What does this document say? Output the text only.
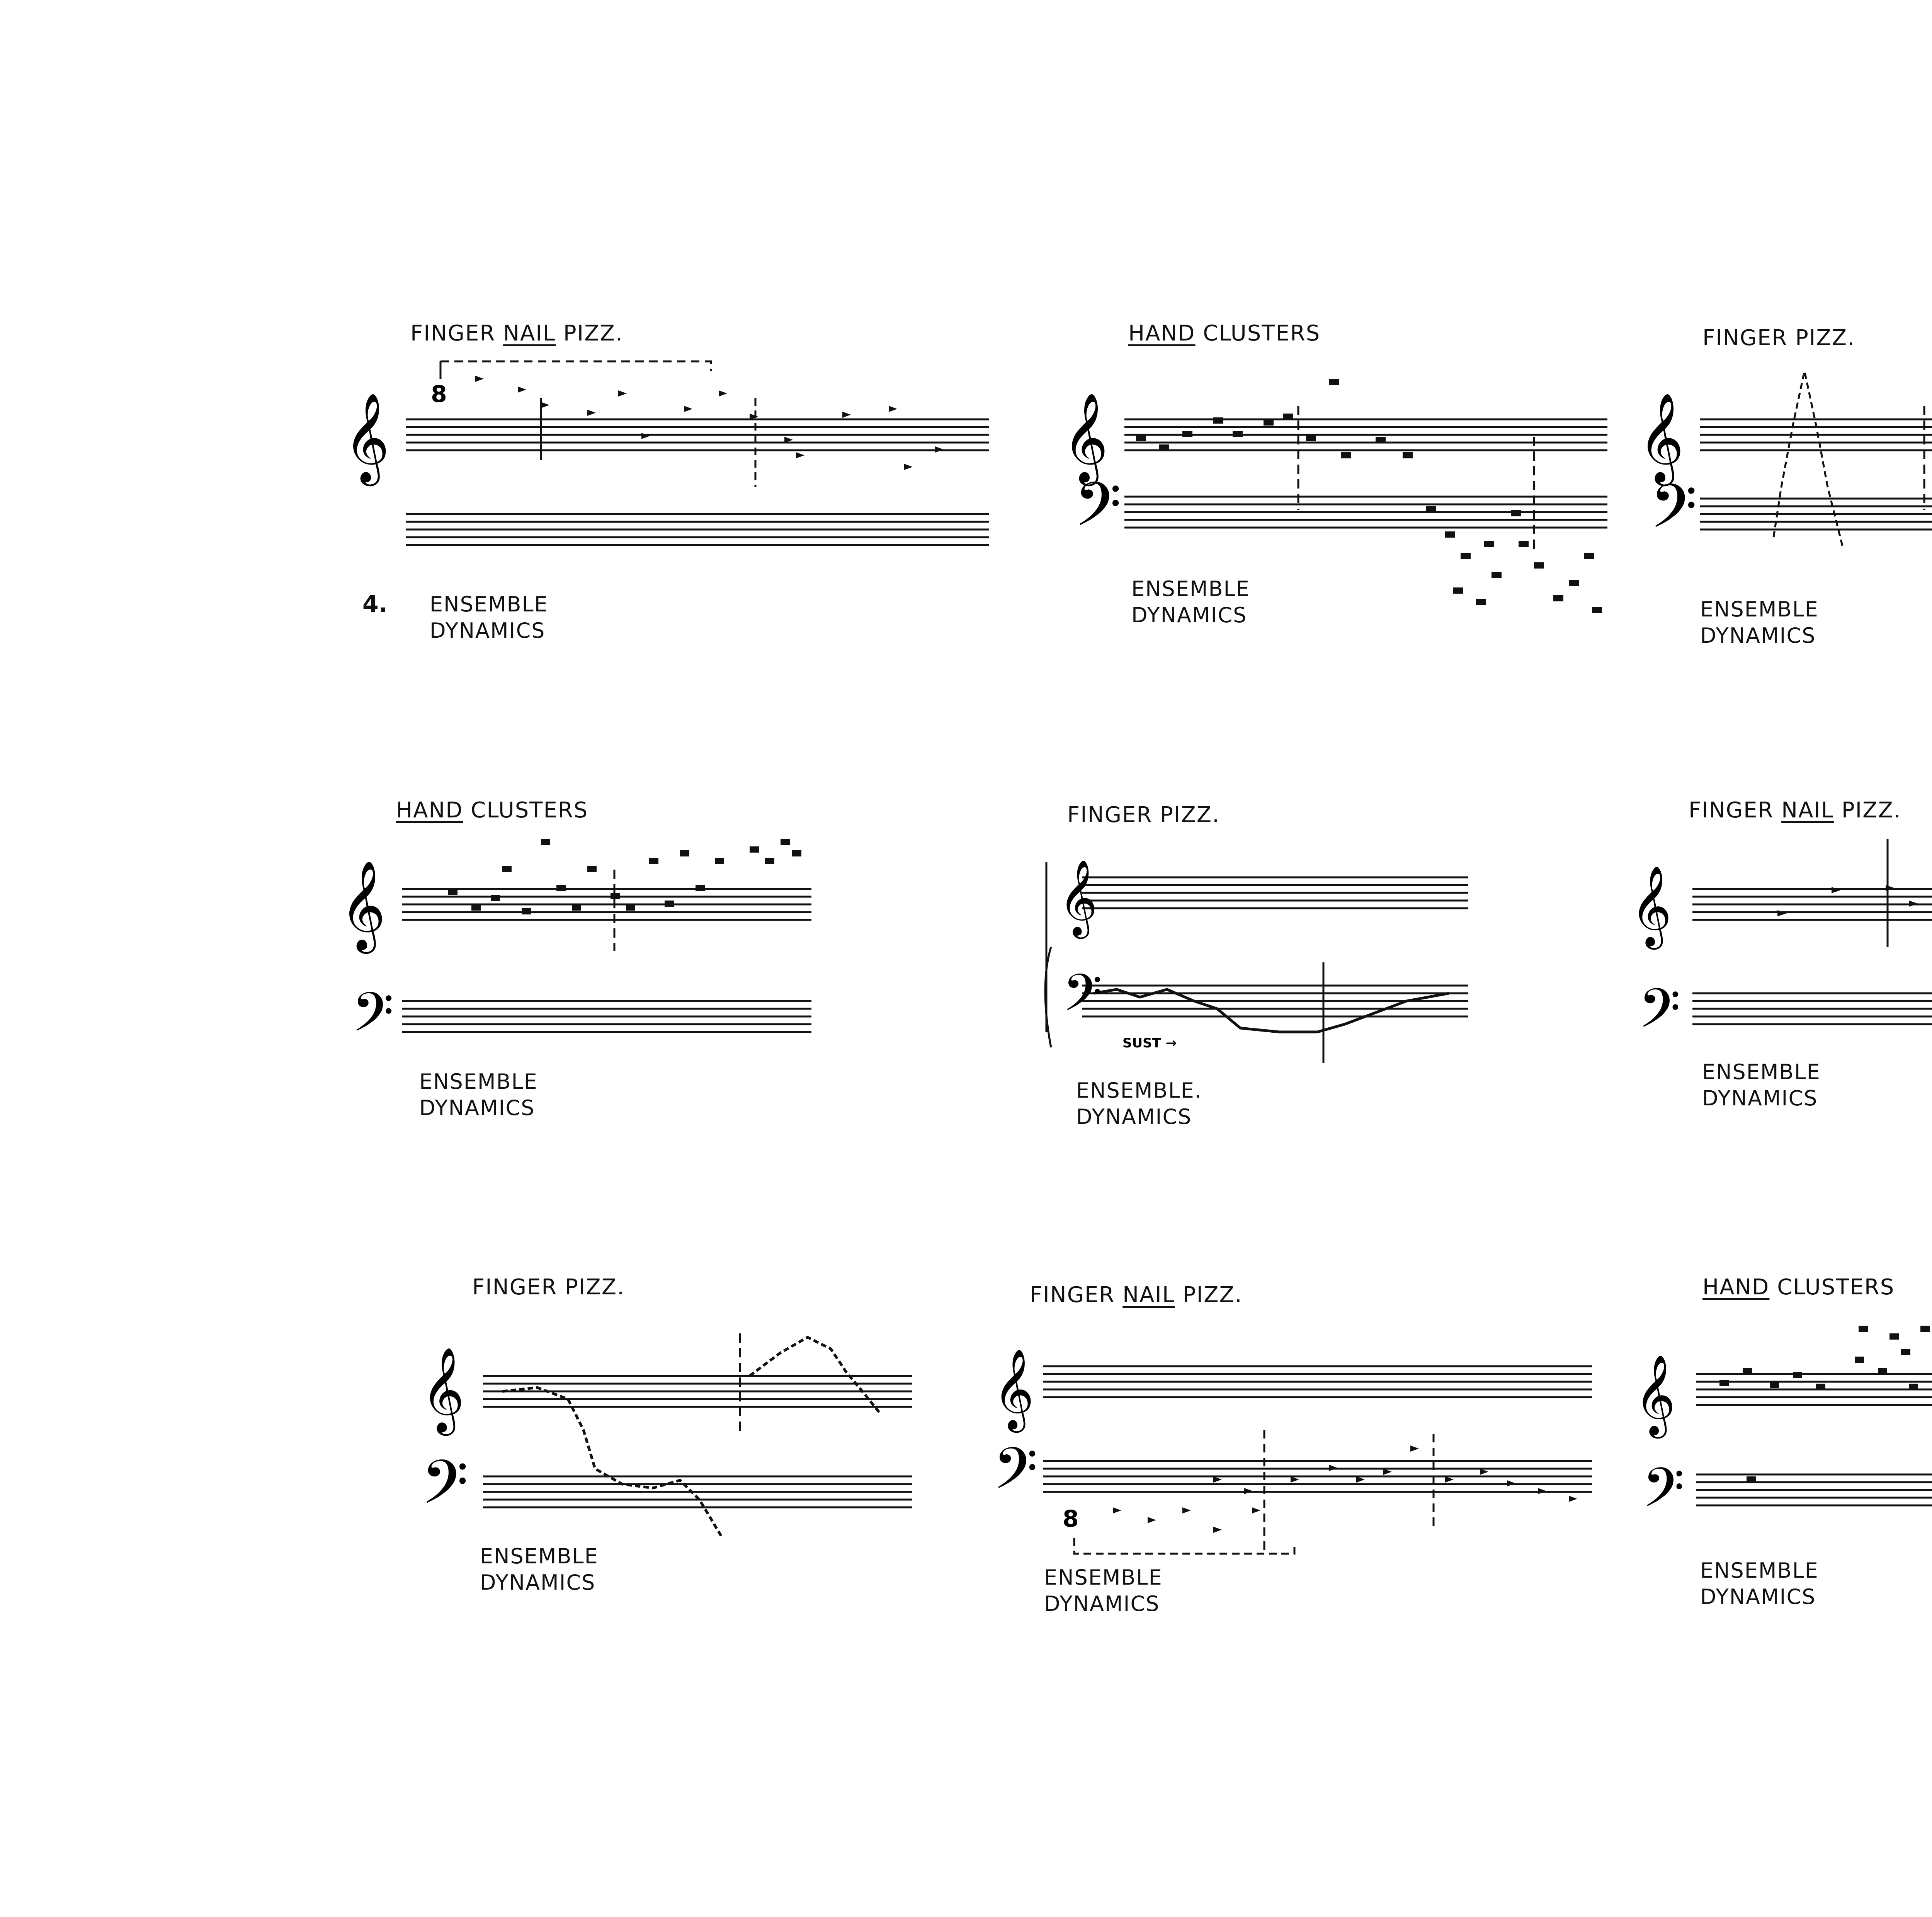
4.
FINGER NAIL PIZZ.
8
𝄞
ENSEMBLE
DYNAMICS
HAND CLUSTERS
𝄞
𝄢
ENSEMBLE
DYNAMICS
FINGER PIZZ.
𝄞
𝄢
ENSEMBLE
DYNAMICS
HAND CLUSTERS
𝄞
𝄢
ENSEMBLE
DYNAMICS
FINGER PIZZ.
𝄞
𝄢
SUST →
ENSEMBLE.
DYNAMICS
FINGER NAIL PIZZ.
𝄞
𝄢
ENSEMBLE
DYNAMICS
FINGER PIZZ.
𝄞
𝄢
ENSEMBLE
DYNAMICS
FINGER NAIL PIZZ.
𝄞
𝄢
8
ENSEMBLE
DYNAMICS
HAND CLUSTERS
𝄞
𝄢
ENSEMBLE
DYNAMICS
